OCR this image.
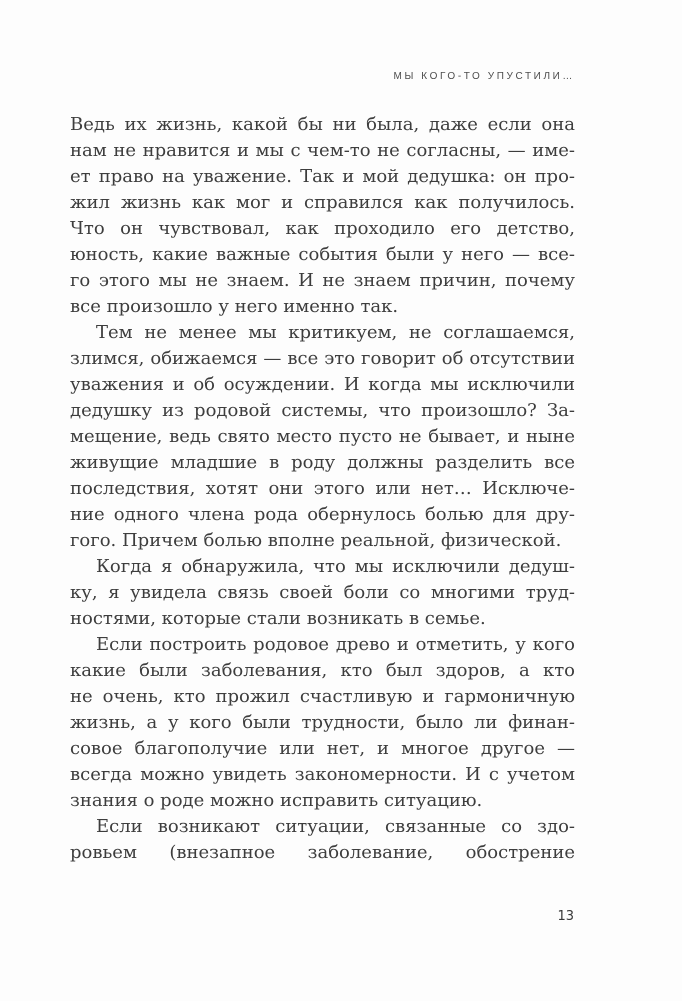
МЫ КОГО-ТО УПУСТИЛИ…
Ведь их жизнь, какой бы ни была, даже если она
нам не нравится и мы с чем-то не согласны, — име-
ет право на уважение. Так и мой дедушка: он про-
жил жизнь как мог и справился как получилось.
Что он чувствовал, как проходило его детство,
юность, какие важные события были у него — все-
го этого мы не знаем. И не знаем причин, почему
все произошло у него именно так.
Тем не менее мы критикуем, не соглашаемся,
злимся, обижаемся — все это говорит об отсутствии
уважения и об осуждении. И когда мы исключили
дедушку из родовой системы, что произошло? За-
мещение, ведь свято место пусто не бывает, и ныне
живущие младшие в роду должны разделить все
последствия, хотят они этого или нет… Исключе-
ние одного члена рода обернулось болью для дру-
гого. Причем болью вполне реальной, физической.
Когда я обнаружила, что мы исключили дедуш-
ку, я увидела связь своей боли со многими труд-
ностями, которые стали возникать в семье.
Если построить родовое древо и отметить, у кого
какие были заболевания, кто был здоров, а кто
не очень, кто прожил счастливую и гармоничную
жизнь, а у кого были трудности, было ли финан-
совое благополучие или нет, и многое другое —
всегда можно увидеть закономерности. И с учетом
знания о роде можно исправить ситуацию.
Если возникают ситуации, связанные со здо-
ровьем (внезапное заболевание, обострение
13
